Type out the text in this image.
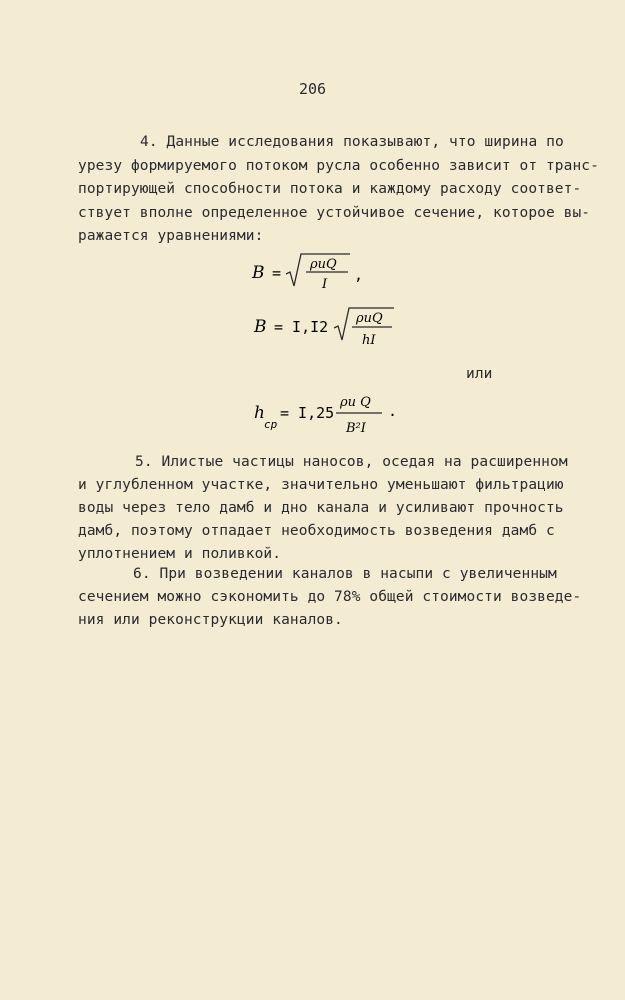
206
4. Данные исследования показывают, что ширина по
урезу формируемого потоком русла особенно зависит от транс-
портирующей способности потока и каждому расходу соответ-
ствует вполне определенное устойчивое сечение, которое вы-
ражается уравнениями:
B = ρuQ
I
,
B = I,I2 ρuQ
hI
или
h
ср
= I,25
ρu Q
B²I
.
5. Илистые частицы наносов, оседая на расширенном
и углубленном участке, значительно уменьшают фильтрацию
воды через тело дамб и дно канала и усиливают прочность
дамб, поэтому отпадает необходимость возведения дамб с
уплотнением и поливкой.
6. При возведении каналов в насыпи с увеличенным
сечением можно сэкономить до 78% общей стоимости возведе-
ния или реконструкции каналов.
